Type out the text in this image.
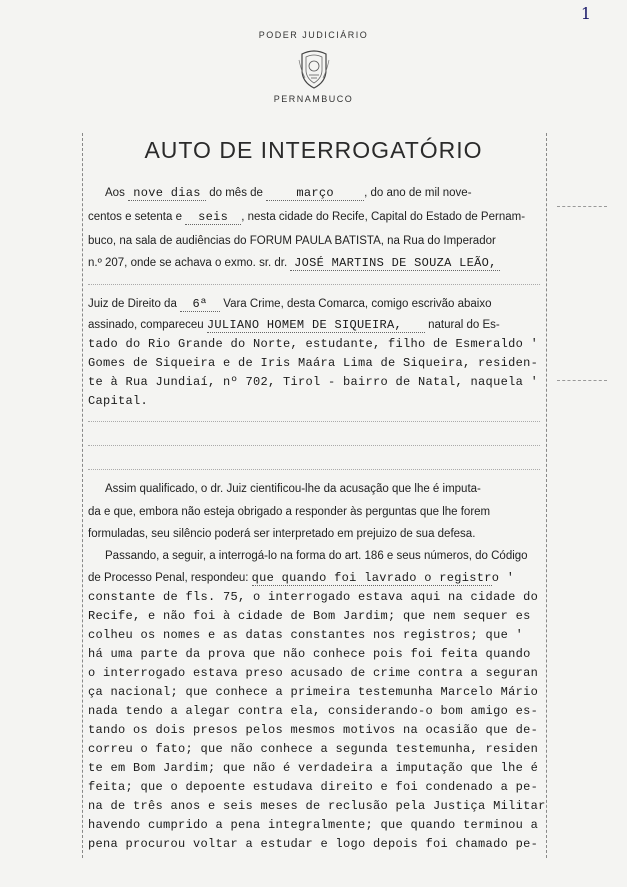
1
PODER JUDICIÁRIO
PERNAMBUCO
AUTO DE INTERROGATÓRIO
Aos nove dias do mês de	março	, do ano de mil nove-
centos e setenta e seis , nesta cidade do Recife, Capital do Estado de Pernam-
buco, na sala de audiências do FORUM PAULA BATISTA, na Rua do Imperador
n.º 207, onde se achava o exmo. sr. dr. JOSÉ MARTINS DE SOUZA LEÃO,
Juiz de Direito da 6ª Vara Crime, desta Comarca, comigo escrivão abaixo
assinado, compareceu JULIANO HOMEM DE SIQUEIRA, natural do Es-
tado do Rio Grande do Norte, estudante, filho de Esmeraldo '
Gomes de Siqueira e de Iris Maára Lima de Siqueira, residen-
te à Rua Jundiaí, nº 702, Tirol - bairro de Natal, naquela '
Capital.
Assim qualificado, o dr. Juiz cientificou-lhe da acusação que lhe é imputa-
da e que, embora não esteja obrigado a responder às perguntas que lhe forem
formuladas, seu silêncio poderá ser interpretado em prejuizo de sua defesa.
Passando, a seguir, a interrogá-lo na forma do art. 186 e seus números, do Código
de Processo Penal, respondeu: que quando foi lavrado o registro '
constante de fls. 75, o interrogado estava aqui na cidade do
Recife, e não foi à cidade de Bom Jardim; que nem sequer es
colheu os nomes e as datas constantes nos registros; que '
há uma parte da prova que não conhece pois foi feita quando
o interrogado estava preso acusado de crime contra a seguran
ça nacional; que conhece a primeira testemunha Marcelo Mário
nada tendo a alegar contra ela, considerando-o bom amigo es-
tando os dois presos pelos mesmos motivos na ocasião que de-
correu o fato; que não conhece a segunda testemunha, residen
te em Bom Jardim; que não é verdadeira a imputação que lhe é
feita; que o depoente estudava direito e foi condenado a pe-
na de três anos e seis meses de reclusão pela Justiça Militar
havendo cumprido a pena integralmente; que quando terminou a
pena procurou voltar a estudar e logo depois foi chamado pe-
